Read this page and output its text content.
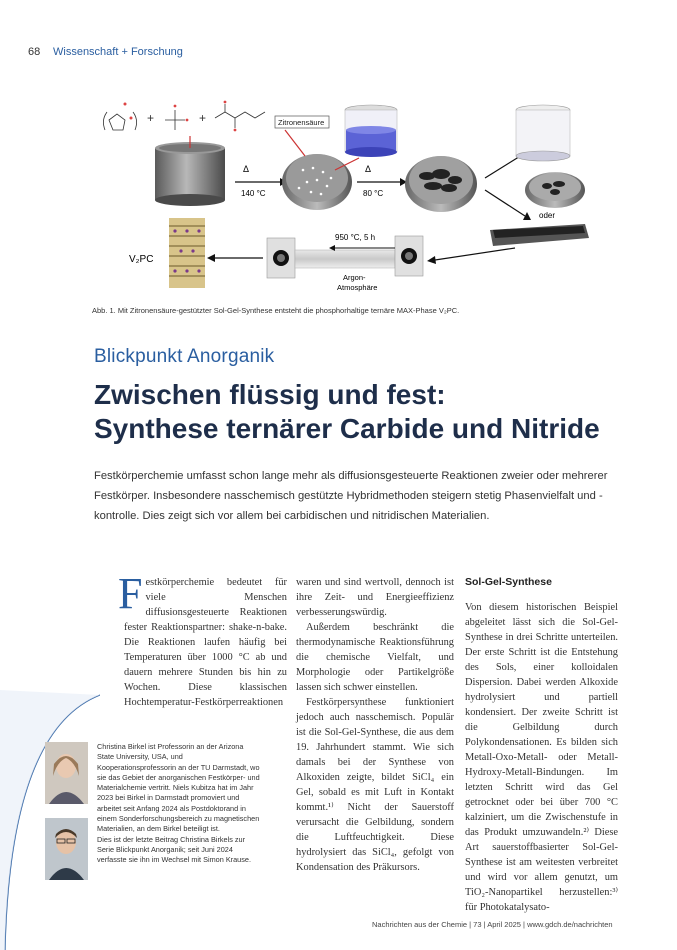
68 Wissenschaft + Forschung
+	+	Zitronensäure
Δ
140 °C
Δ
80 °C
oder
950 °C, 5 h
Argon-
Atmosphäre
V₂PC
Abb. 1. Mit Zitronensäure-gestützter Sol-Gel-Synthese entsteht die phosphorhaltige ternäre MAX-Phase V₂PC.
Blickpunkt Anorganik
Zwischen flüssig und fest:
Synthese ternärer Carbide und Nitride
Festkörperchemie umfasst schon lange mehr als diffusionsgesteuerte Reaktionen zweier oder mehrerer Festkörper. Insbesondere nasschemisch gestützte Hybridmethoden steigern stetig Phasenvielfalt und -kontrolle. Dies zeigt sich vor allem bei carbidischen und nitridischen Materialien.

Festkörperchemie bedeutet für viele Menschen diffusionsgesteuerte Reaktionen fester Reaktionspartner: shake-n-bake. Die Reaktionen laufen häufig bei Temperaturen über 1000 °C ab und dauern mehrere Stunden bis hin zu Wochen. Diese klassischen Hochtemperatur-Festkörperreaktionen

waren und sind wertvoll, dennoch ist ihre Zeit- und Energieeffizienz verbesserungswürdig.

Außerdem beschränkt die thermodynamische Reaktionsführung die chemische Vielfalt, und Morphologie oder Partikelgröße lassen sich schwer einstellen.

Festkörpersynthese funktioniert jedoch auch nasschemisch. Populär ist die Sol-Gel-Synthese, die aus dem 19. Jahrhundert stammt. Wie sich damals bei der Synthese von Alkoxiden zeigte, bildet SiCl₄ ein Gel, sobald es mit Luft in Kontakt kommt.¹⁾ Nicht der Sauerstoff verursacht die Gelbildung, sondern die Luftfeuchtigkeit. Diese hydrolysiert das SiCl₄, gefolgt von Kondensation des Präkursors.

Sol-Gel-Synthese

Von diesem historischen Beispiel abgeleitet lässt sich die Sol-Gel-Synthese in drei Schritte unterteilen. Der erste Schritt ist die Entstehung des Sols, einer kolloidalen Dispersion. Dabei werden Alkoxide hydrolysiert und partiell kondensiert. Der zweite Schritt ist die Gelbildung durch Polykondensationen. Es bilden sich Metall-Oxo-Metall- oder Metall-Hydroxy-Metall-Bindungen. Im letzten Schritt wird das Gel getrocknet oder bei über 700 °C kalziniert, um die Zwischenstufe in das Produkt umzuwandeln.²⁾ Diese Art sauerstoffbasierter Sol-Gel-Synthese ist am weitesten verbreitet und wird vor allem genutzt, um TiO₂-Nanopartikel herzustellen:³⁾ für Photokatalysato-

Christina Birkel ist Professorin an der Arizona State University, USA, und Kooperationsprofessorin an der TU Darmstadt, wo sie das Gebiet der anorganischen Festkörper- und Materialchemie vertritt. Niels Kubitza hat im Jahr 2023 bei Birkel in Darmstadt promoviert und arbeitet seit Anfang 2024 als Postdoktorand in einem Sonderforschungsbereich zu magnetischen Materialien, an dem Birkel beteiligt ist.

Dies ist der letzte Beitrag Christina Birkels zur Serie Blickpunkt Anorganik; seit Juni 2024 verfasste sie ihn im Wechsel mit Simon Krause.

Nachrichten aus der Chemie | 73 | April 2025 | www.gdch.de/nachrichten
